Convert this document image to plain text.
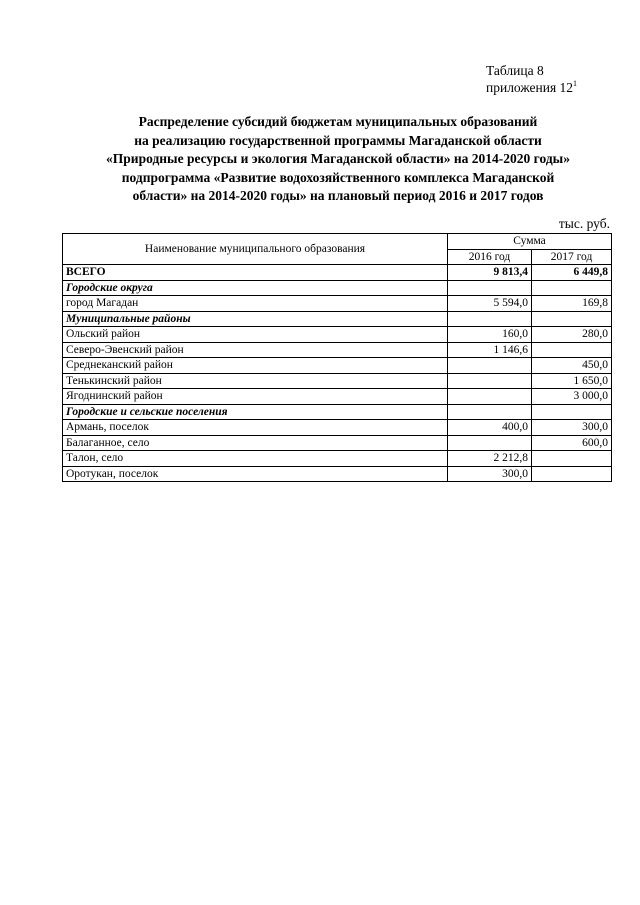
Таблица 8
приложения $12^1$
Распределение субсидий бюджетам муниципальных образований
на реализацию государственной программы Магаданской области
«Природные ресурсы и экология Магаданской области» на 2014-2020 годы»
подпрограмма «Развитие водохозяйственного комплекса Магаданской
области» на 2014-2020 годы» на плановый период 2016 и 2017 годов
тыс. руб.
Наименование муниципального образования	Сумма	
	2016 год	2017 год
ВСЕГО	9 813,4	6 449,8
Городские округа		
город Магадан	5 594,0	169,8
Муниципальные районы		
Ольский район	160,0	280,0
Северо-Эвенский район	1 146,6	
Среднеканский район		450,0
Тенькинский район		1 650,0
Ягоднинский район		3 000,0
Городские и сельские поселения		
Армань, поселок	400,0	300,0
Балаганное, село		600,0
Талон, село	2 212,8	
Оротукан, поселок	300,0	
